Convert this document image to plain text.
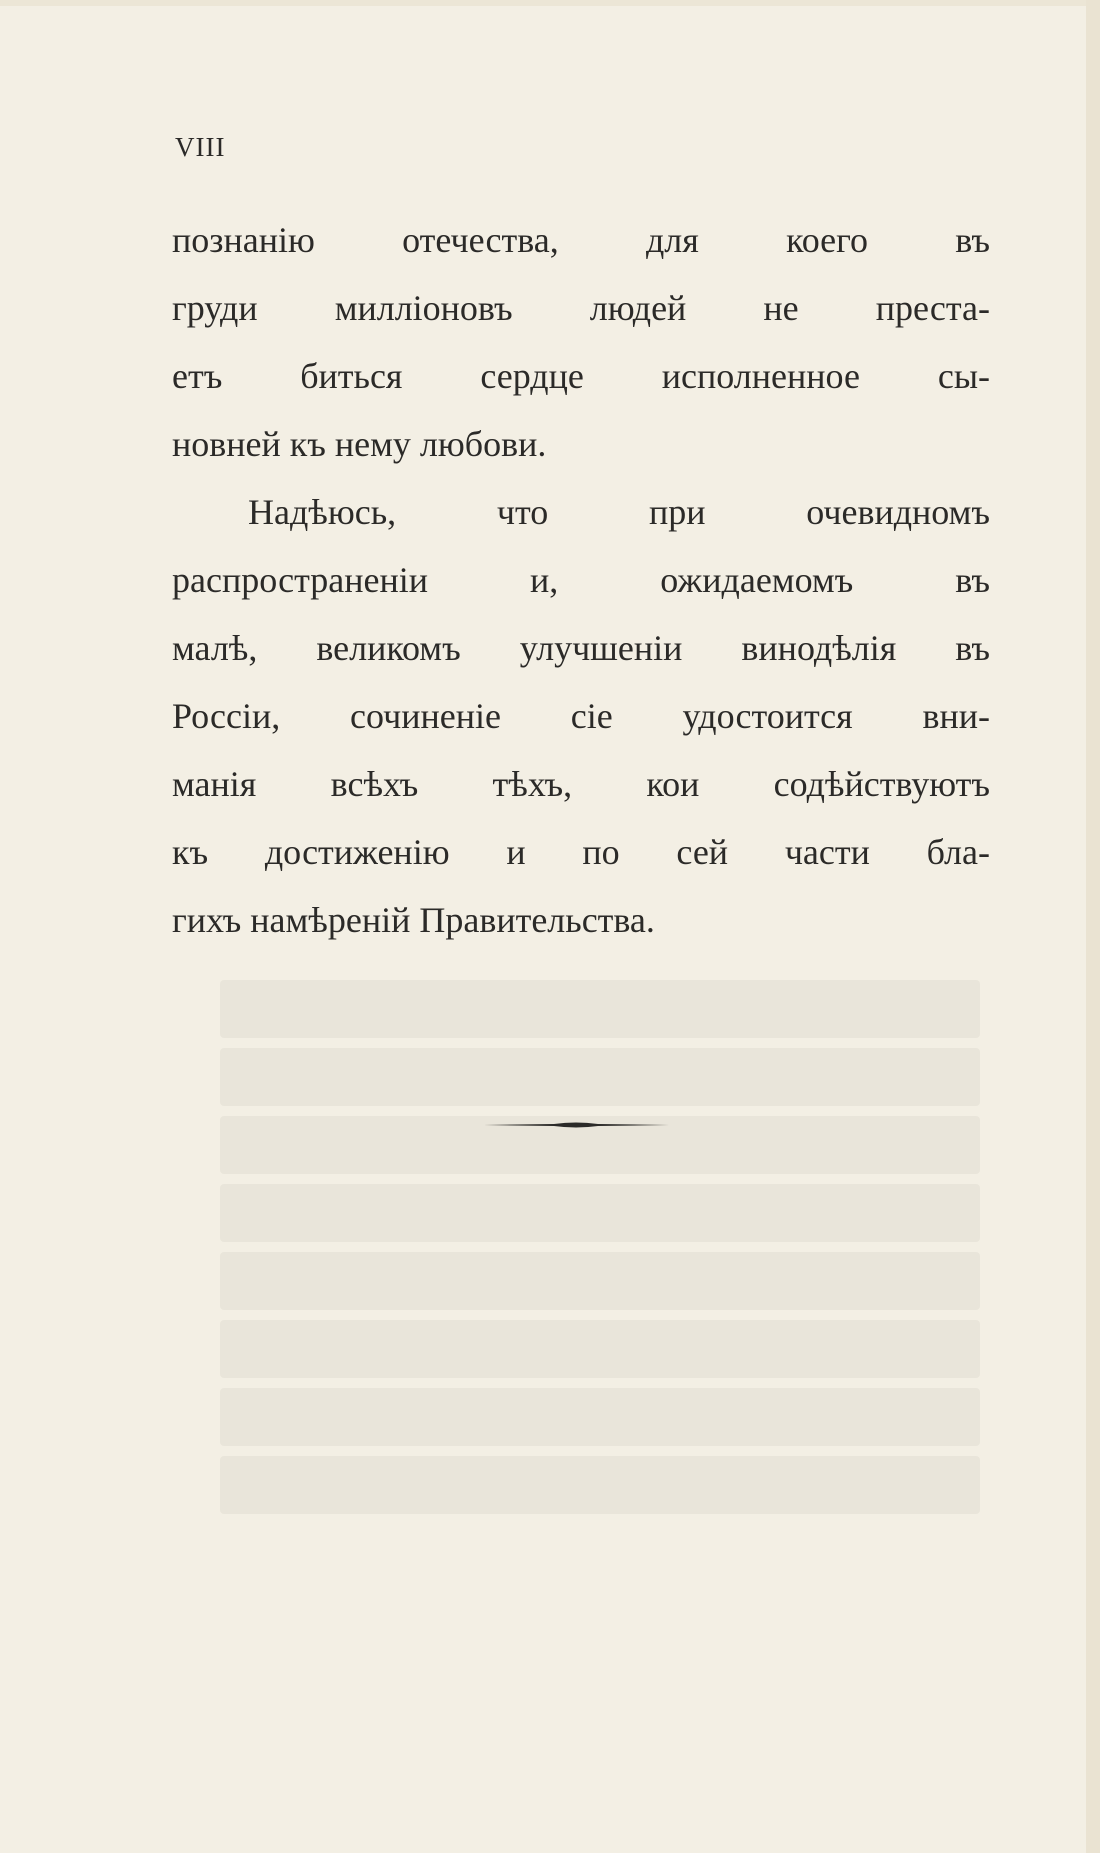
VIII
познанію отечества, для коего въ
груди милліоновъ людей не преста-
етъ биться сердце исполненное сы-
новней къ нему любови.
Надѣюсь, что при очевидномъ
распространеніи и, ожидаемомъ въ
малѣ, великомъ улучшеніи винодѣлія въ
Россіи, сочиненіе сіе удостоится вни-
манія всѣхъ тѣхъ, кои содѣйствуютъ
къ достиженію и по сей части бла-
гихъ намѣреній Правительства.
